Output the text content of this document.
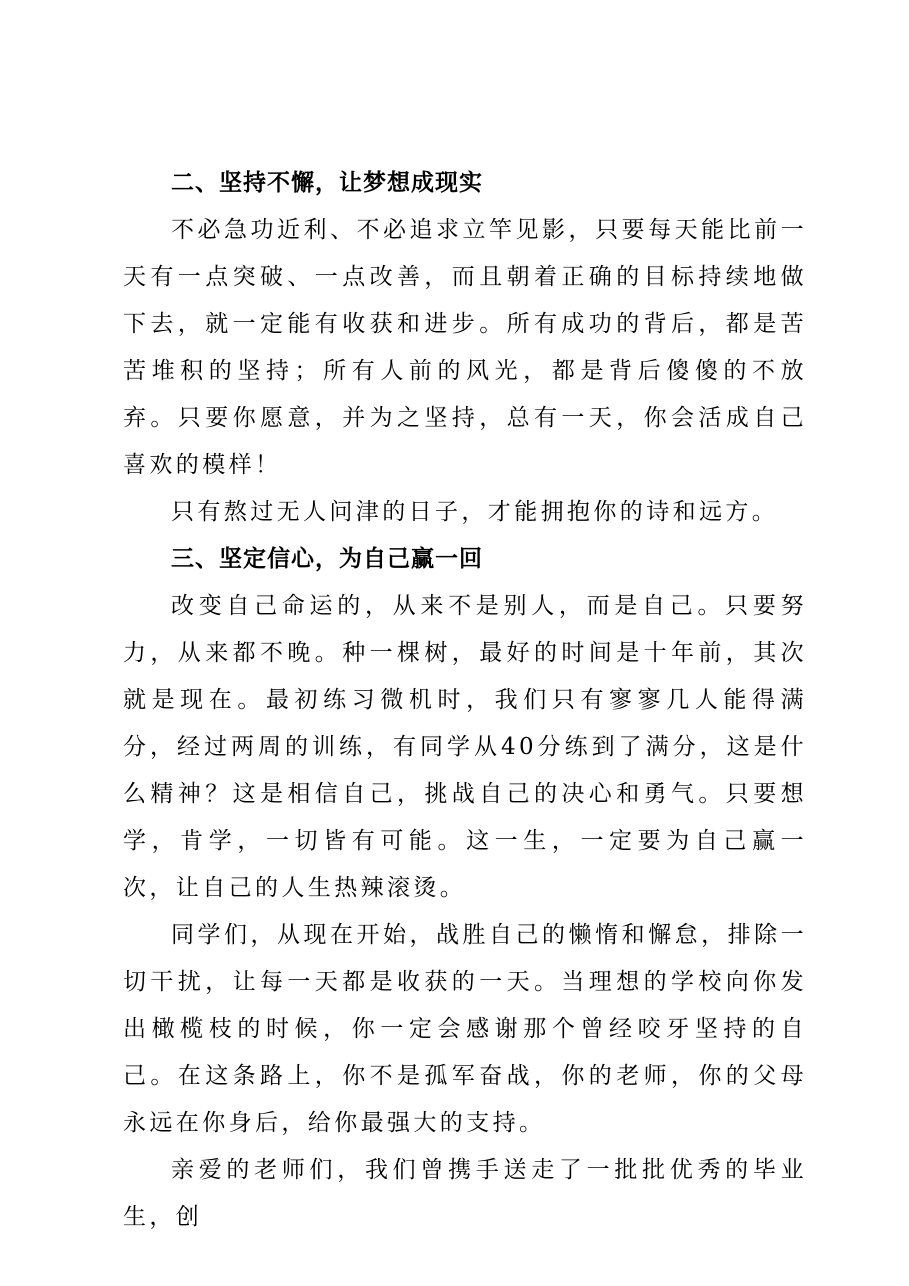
二、坚持不懈，让梦想成现实

不必急功近利、不必追求立竿见影，只要每天能比前一天有一点突破、一点改善，而且朝着正确的目标持续地做下去，就一定能有收获和进步。所有成功的背后，都是苦苦堆积的坚持；所有人前的风光，都是背后傻傻的不放弃。只要你愿意，并为之坚持，总有一天，你会活成自己喜欢的模样！

只有熬过无人问津的日子，才能拥抱你的诗和远方。

三、坚定信心，为自己赢一回

改变自己命运的，从来不是别人，而是自己。只要努力，从来都不晚。种一棵树，最好的时间是十年前，其次就是现在。最初练习微机时，我们只有寥寥几人能得满分，经过两周的训练，有同学从40分练到了满分，这是什么精神？这是相信自己，挑战自己的决心和勇气。只要想学，肯学，一切皆有可能。这一生，一定要为自己赢一次，让自己的人生热辣滚烫。

同学们，从现在开始，战胜自己的懒惰和懈怠，排除一切干扰，让每一天都是收获的一天。当理想的学校向你发出橄榄枝的时候，你一定会感谢那个曾经咬牙坚持的自己。在这条路上，你不是孤军奋战，你的老师，你的父母永远在你身后，给你最强大的支持。

亲爱的老师们，我们曾携手送走了一批批优秀的毕业生，创
